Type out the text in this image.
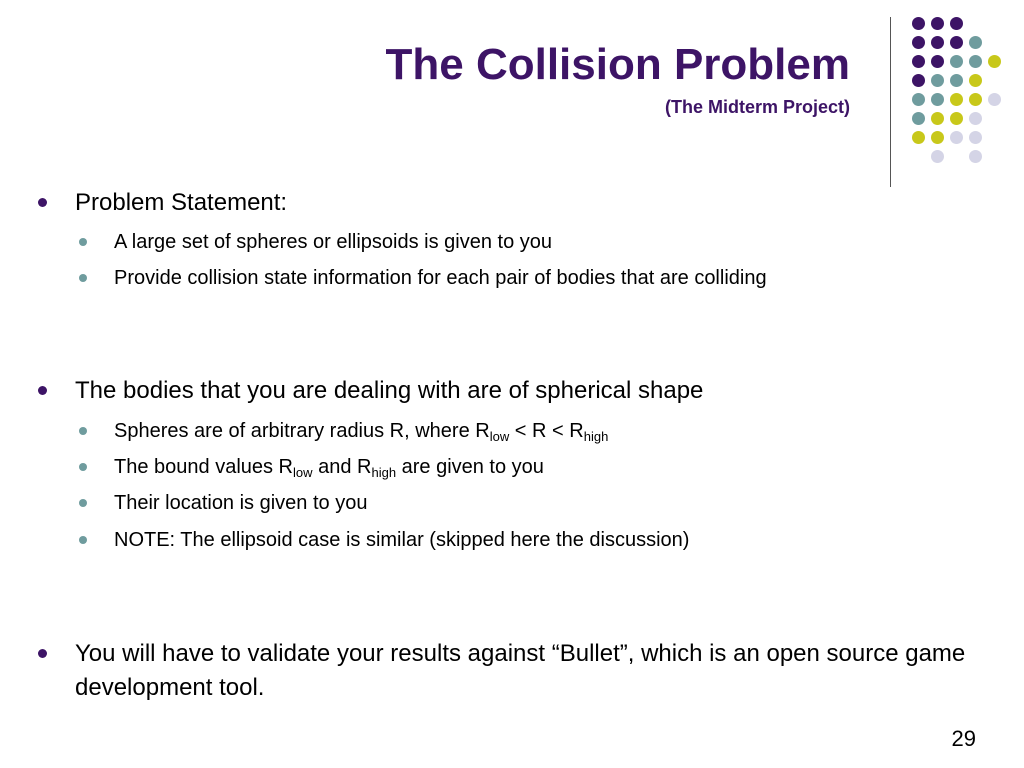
The Collision Problem
(The Midterm Project)
Problem Statement:
A large set of spheres or ellipsoids is given to you
Provide collision state information for each pair of bodies that are colliding
The bodies that you are dealing with are of spherical shape
Spheres are of arbitrary radius R, where $R_{low} < R < R_{high}$
The bound values $R_{low}$ and $R_{high}$ are given to you
Their location is given to you
NOTE: The ellipsoid case is similar (skipped here the discussion)
You will have to validate your results against “Bullet”, which is an open source game development tool.
29
